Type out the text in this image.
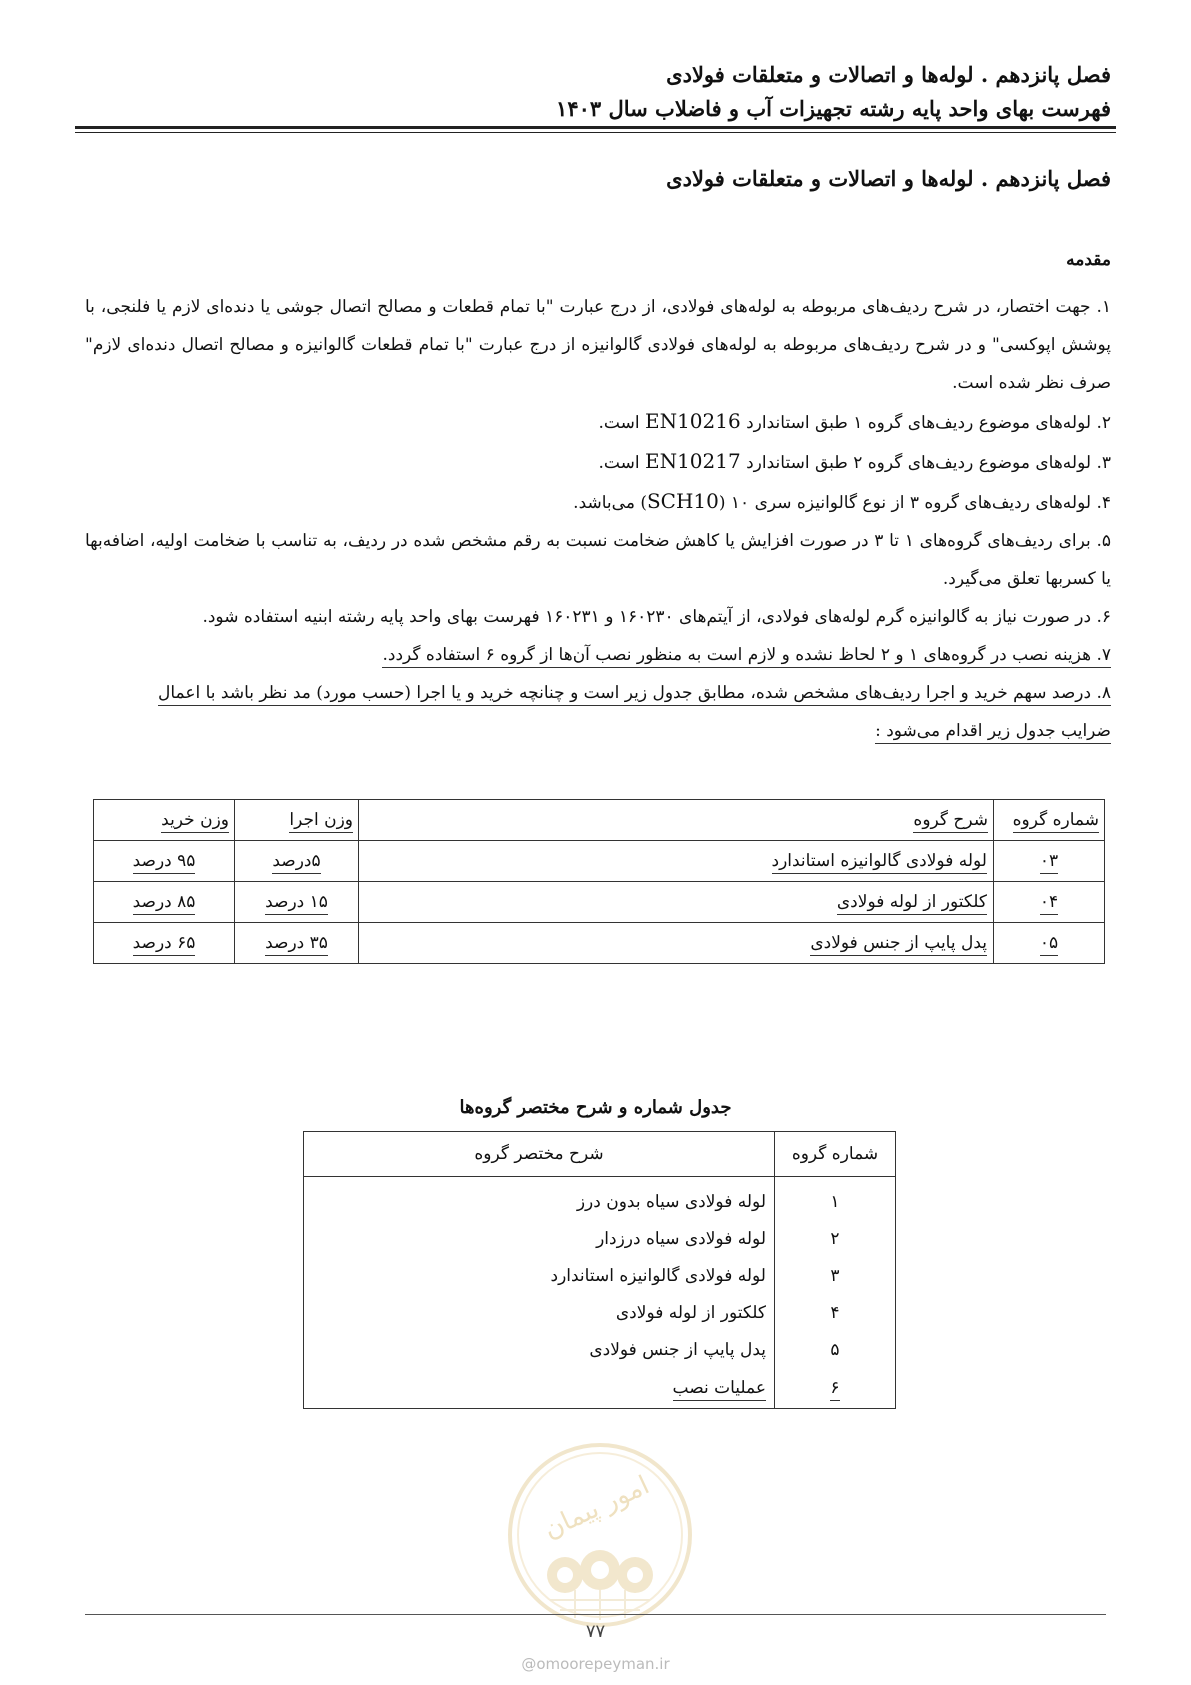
فصل پانزدهم . لوله‌ها و اتصالات و متعلقات فولادی

فهرست بهای واحد پایه رشته تجهیزات آب و فاضلاب سال ۱۴۰۳

فصل پانزدهم . لوله‌ها و اتصالات و متعلقات فولادی
مقدمه

۱. جهت اختصار، در شرح ردیف‌های مربوطه به لوله‌های فولادی، از درج عبارت "با تمام قطعات و مصالح اتصال جوشی یا دنده‌ای لازم یا فلنجی، با پوشش اپوکسی" و در شرح ردیف‌های مربوطه به لوله‌های فولادی گالوانیزه از درج عبارت "با تمام قطعات گالوانیزه و مصالح اتصال دنده‌ای لازم" صرف نظر شده است.

۲. لوله‌های موضوع ردیف‌های گروه ۱ طبق استاندارد EN10216 است.

۳. لوله‌های موضوع ردیف‌های گروه ۲ طبق استاندارد EN10217 است.

۴. لوله‌های ردیف‌های گروه ۳ از نوع گالوانیزه سری ۱۰ (SCH10) می‌باشد.

۵. برای ردیف‌های گروه‌های ۱ تا ۳ در صورت افزایش یا کاهش ضخامت نسبت به رقم مشخص شده در ردیف، به تناسب با ضخامت اولیه، اضافه‌بها یا کسربها تعلق می‌گیرد.

۶. در صورت نیاز به گالوانیزه گرم لوله‌های فولادی، از آیتم‌های ۱۶۰۲۳۰ و ۱۶۰۲۳۱ فهرست بهای واحد پایه رشته ابنیه استفاده شود.

۷. هزینه نصب در گروه‌های ۱ و ۲ لحاظ نشده و لازم است به منظور نصب آن‌ها از گروه ۶ استفاده گردد.

۸. درصد سهم خرید و اجرا ردیف‌های مشخص شده، مطابق جدول زیر است و چنانچه خرید و یا اجرا (حسب مورد) مد نظر باشد با اعمال
ضرایب جدول زیر اقدام می‌شود :

شماره گروه	شرح گروه	وزن اجرا	وزن خرید
۰۳	لوله فولادی گالوانیزه استاندارد	۵درصد	۹۵ درصد
۰۴	کلکتور از لوله فولادی	۱۵ درصد	۸۵ درصد
۰۵	پدل پایپ از جنس فولادی	۳۵ درصد	۶۵ درصد

جدول شماره و شرح مختصر گروه‌ها

شماره گروه	شرح مختصر گروه
۱	لوله فولادی سیاه بدون درز
۲	لوله فولادی سیاه درزدار
۳	لوله فولادی گالوانیزه استاندارد
۴	کلکتور از لوله فولادی
۵	پدل پایپ از جنس فولادی
۶	عملیات نصب
امور پیمان

۷۷

@omoorepeyman.ir
